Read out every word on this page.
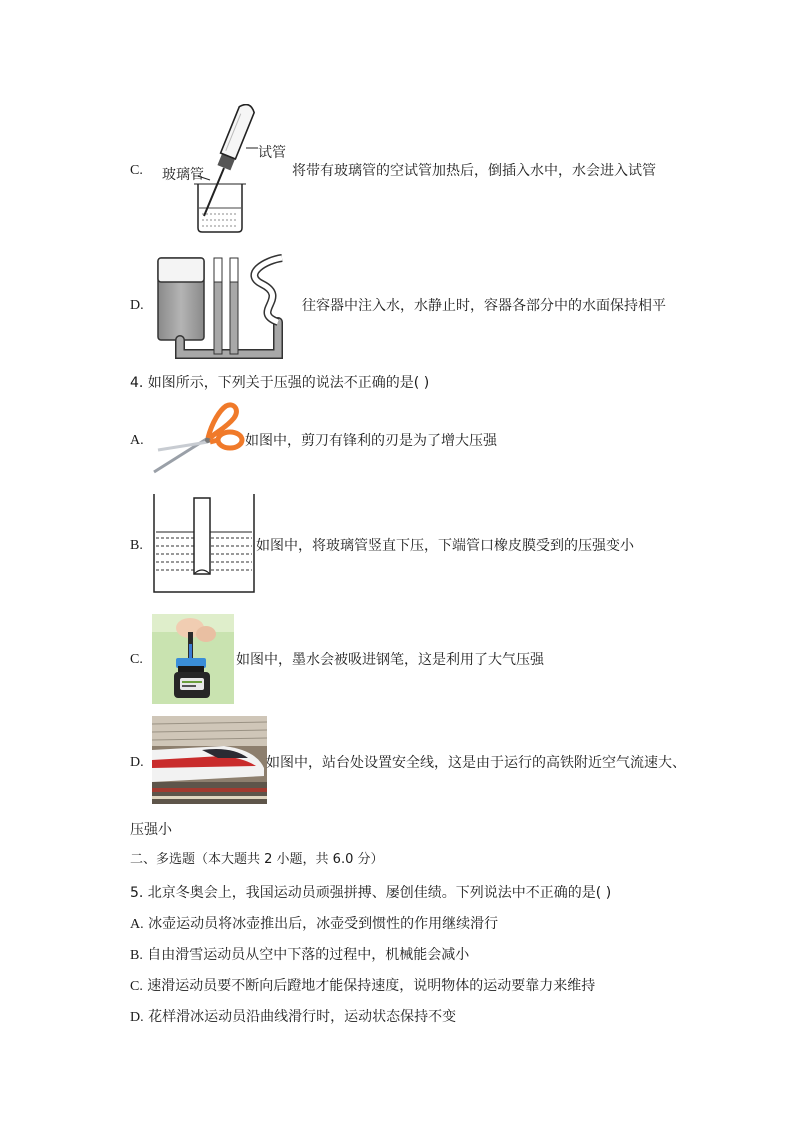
C.
试管
玻璃管	将带有玻璃管的空试管加热后，倒插入水中，水会进入试管
D.	往容器中注入水，水静止时，容器各部分中的水面保持相平
4. 如图所示，下列关于压强的说法不正确的是( )
A.	如图中，剪刀有锋利的刃是为了增大压强
B.	如图中，将玻璃管竖直下压，下端管口橡皮膜受到的压强变小
C.	如图中，墨水会被吸进钢笔，这是利用了大气压强
D.	如图中，站台处设置安全线，这是由于运行的高铁附近空气流速大、
压强小
二、多选题（本大题共 2 小题，共 6.0 分）
5. 北京冬奥会上，我国运动员顽强拼搏、屡创佳绩。下列说法中不正确的是( )
A. 冰壶运动员将冰壶推出后，冰壶受到惯性的作用继续滑行
B. 自由滑雪运动员从空中下落的过程中，机械能会减小
C. 速滑运动员要不断向后蹬地才能保持速度，说明物体的运动要靠力来维持
D. 花样滑冰运动员沿曲线滑行时，运动状态保持不变
